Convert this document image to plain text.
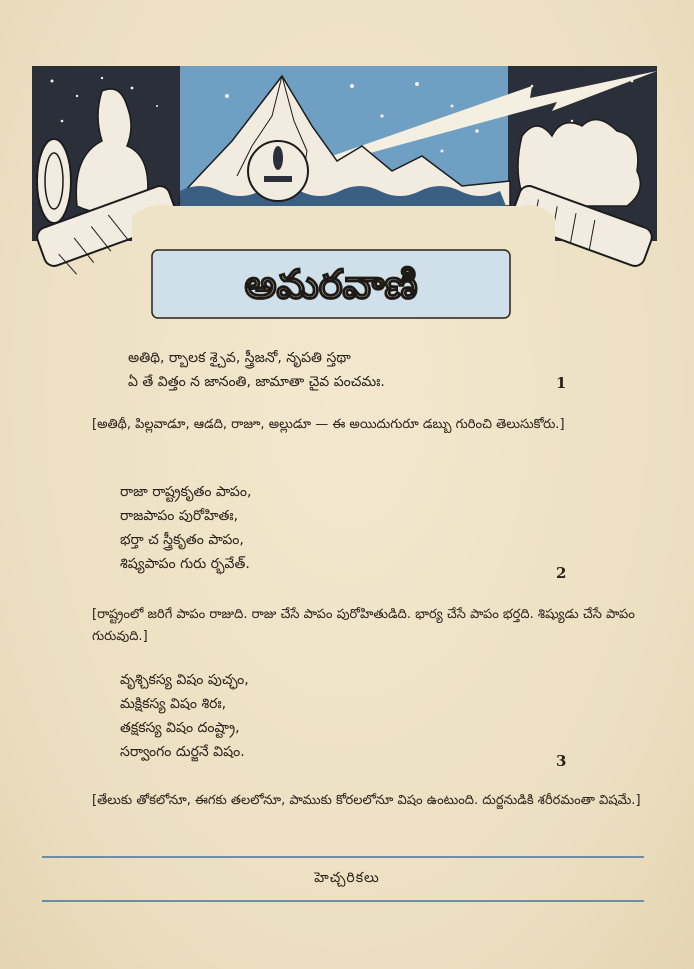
అమరవాణి
అతిథి, ర్బాలక శ్చైవ, స్త్రీజనో, నృపతి స్తథా
ఏ తే విత్తం న జానంతి, జామాతా చైవ పంచమః.	1
[అతిథీ, పిల్లవాడూ, ఆడది, రాజూ, అల్లుడూ — ఈ అయిదుగురూ డబ్బు గురించి తెలుసుకోరు.]
రాజా రాష్ట్రకృతం పాపం,
రాజపాపం పురోహితః,
భర్తా చ స్త్రీకృతం పాపం,
శిష్యపాపం గురు ర్భవేత్.	2
[రాష్ట్రంలో జరిగే పాపం రాజుది. రాజు చేసే పాపం పురోహితుడిది. భార్య చేసే పాపం భర్తది. శిష్యుడు చేసే పాపం గురువుది.]
వృశ్చికస్య విషం పుచ్ఛం,
మక్షికస్య విషం శిరః,
తక్షకస్య విషం దంష్ట్రా,
సర్వాంగం దుర్జనే విషం.	3
[తేలుకు తోకలోనూ, ఈగకు తలలోనూ, పాముకు కోరలలోనూ విషం ఉంటుంది. దుర్జనుడికి శరీరమంతా విషమే.]
హెచ్చరికలు
